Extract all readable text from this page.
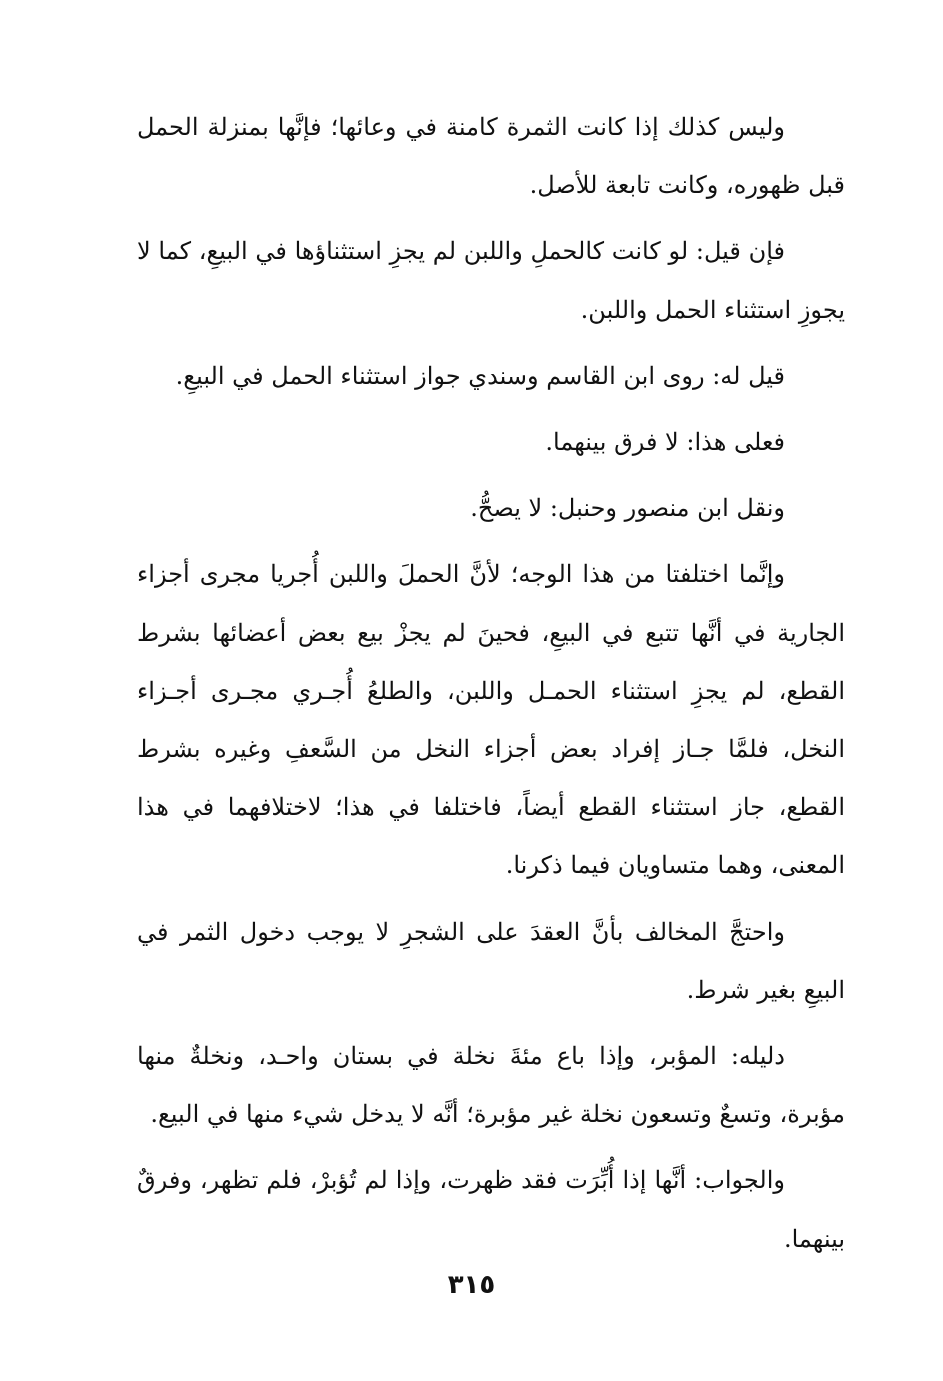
وليس كذلك إذا كانت الثمرة كامنة في وعائها؛ فإنَّها بمنزلة الحمل قبل ظهوره، وكانت تابعة للأصل.

فإن قيل: لو كانت كالحملِ واللبن لم يجزِ استثناؤها في البيعِ، كما لا يجوزِ استثناء الحمل واللبن.

قيل له: روى ابن القاسم وسندي جواز استثناء الحمل في البيعِ.

فعلى هذا: لا فرق بينهما.

ونقل ابن منصور وحنبل: لا يصحُّ.

وإنَّما اختلفتا من هذا الوجه؛ لأنَّ الحملَ واللبن أُجريا مجرى أجزاء الجارية في أنَّها تتبع في البيعِ، فحينَ لم يجزْ بيع بعض أعضائها بشرط القطع، لم يجزِ استثناء الحمـل واللبن، والطلعُ أُجـري مجـرى أجـزاء النخل، فلمَّا جـاز إفراد بعض أجزاء النخل من السَّعفِ وغيره بشرط القطع، جاز استثناء القطع أيضاً، فاختلفا في هذا؛ لاختلافهما في هذا المعنى، وهما متساويان فيما ذكرنا.

واحتجَّ المخالف بأنَّ العقدَ على الشجرِ لا يوجب دخول الثمر في البيعِ بغير شرط.

دليله: المؤبر، وإذا باع مئةَ نخلة في بستان واحـد، ونخلةٌ منها مؤبرة، وتسعٌ وتسعون نخلة غير مؤبرة؛ أنَّه لا يدخل شيء منها في البيع.

والجواب: أنَّها إذا أُبِّرَت فقد ظهرت، وإذا لم تُؤبرْ، فلم تظهر، وفرقٌ بينهما.

٣١٥
